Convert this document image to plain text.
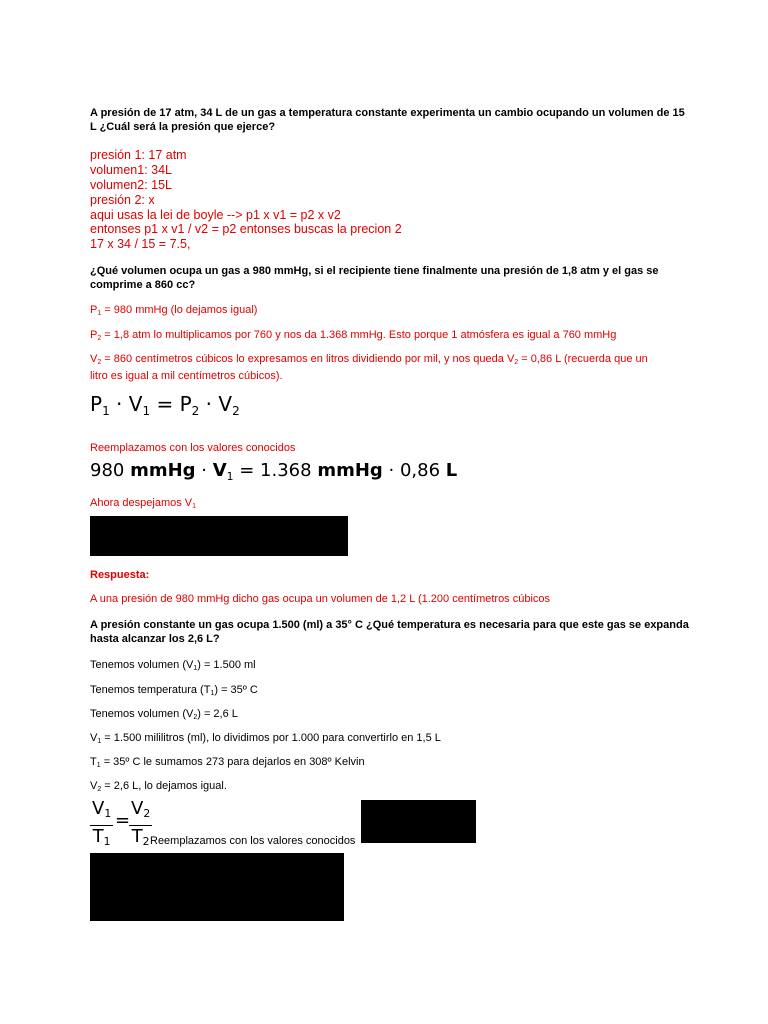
A presión de 17 atm, 34 L de un gas a temperatura constante experimenta un cambio ocupando un volumen de 15 L ¿Cuál será la presión que ejerce?
presión 1: 17 atm
volumen1: 34L
volumen2: 15L
presión 2: x
aqui usas la lei de boyle --> p1 x v1 = p2 x v2
entonses p1 x v1 / v2 = p2 entonses buscas la precion 2
17 x 34 / 15 = 7.5,
¿Qué volumen ocupa un gas a 980 mmHg, si el recipiente tiene finalmente una presión de 1,8 atm y el gas se comprime a 860 cc?
$P_1 = 980$ mmHg (lo dejamos igual)
$P_2 = 1,8$ atm lo multiplicamos por 760 y nos da 1.368 mmHg. Esto porque 1 atmósfera es igual a 760 mmHg
$V_2 = 860$ centímetros cúbicos lo expresamos en litros dividiendo por mil, y nos queda $V_2 = 0,86$ L (recuerda que un
litro es igual a mil centímetros cúbicos).
$P_1 \cdot V_1 = P_2 \cdot V_2$
Reemplazamos con los valores conocidos
980 mmHg · $V_1 = 1.368$ mmHg · 0,86 L
Ahora despejamos $V_1$
Respuesta:
A una presión de 980 mmHg dicho gas ocupa un volumen de 1,2 L (1.200 centímetros cúbicos
A presión constante un gas ocupa 1.500 (ml) a 35° C ¿Qué temperatura es necesaria para que este gas se expanda hasta alcanzar los 2,6 L?
Tenemos volumen $(V_1) = 1.500$ ml
Tenemos temperatura $(T_1)$ = 35º C
Tenemos volumen $(V_2) = 2,6$ L
$V_1 = 1.500$ mililitros (ml), lo dividimos por 1.000 para convertirlo en 1,5 L
$T_1$ = 35º C le sumamos 273 para dejarlos en 308º Kelvin
$V_2 = 2,6$ L, lo dejamos igual.
$\frac{V_1}{T_1}$ =
$\frac{V_2}{T_2}$
Reemplazamos con los valores conocidos
